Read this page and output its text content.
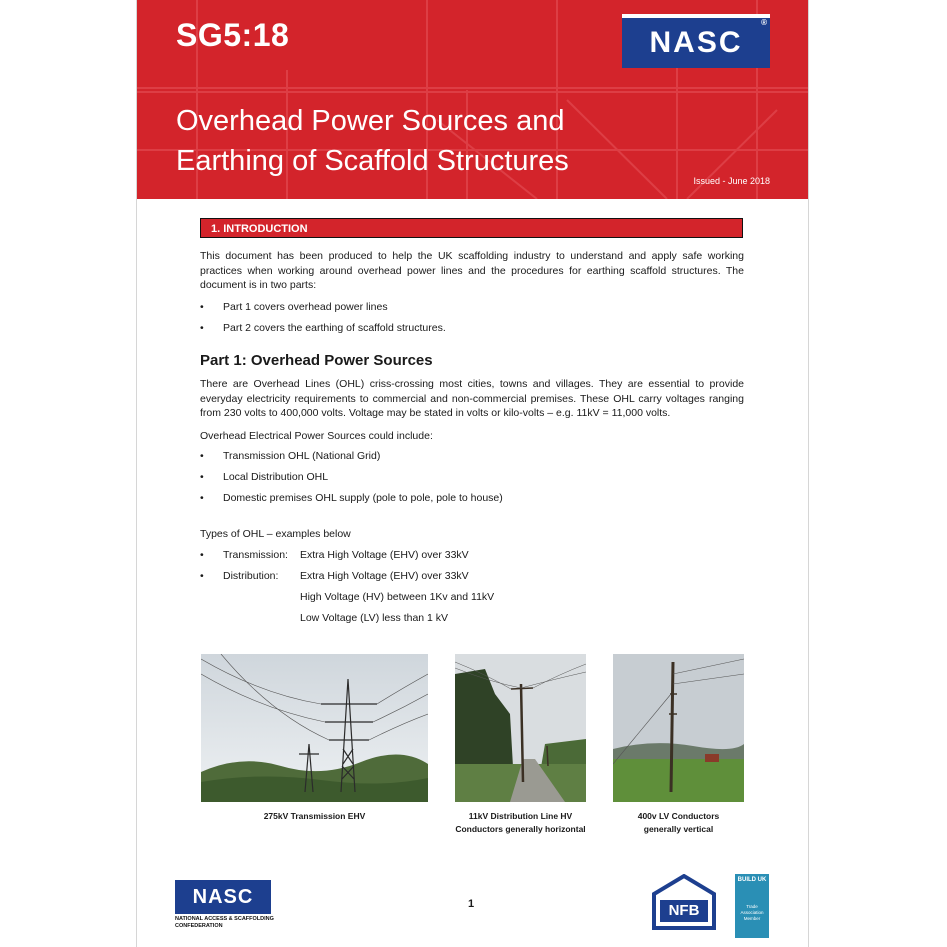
SG5:18
Overhead Power Sources and
Earthing of Scaffold Structures
Issued - June 2018
NASC
®
1. INTRODUCTION
This document has been produced to help the UK scaffolding industry to understand and apply safe working practices when working around overhead power lines and the procedures for earthing scaffold structures. The document is in two parts:
• Part 1 covers overhead power lines
• Part 2 covers the earthing of scaffold structures.
Part 1: Overhead Power Sources
There are Overhead Lines (OHL) criss-crossing most cities, towns and villages. They are essential to provide everyday electricity requirements to commercial and non-commercial premises. These OHL carry voltages ranging from 230 volts to 400,000 volts. Voltage may be stated in volts or kilo-volts – e.g. 11kV = 11,000 volts.
Overhead Electrical Power Sources could include:
• Transmission OHL (National Grid)
• Local Distribution OHL
• Domestic premises OHL supply (pole to pole, pole to house)
Types of OHL – examples below
• Transmission: Extra High Voltage (EHV) over 33kV
• Distribution: Extra High Voltage (EHV) over 33kV
High Voltage (HV) between 1Kv and 11kV
Low Voltage (LV) less than 1 kV
275kV Transmission EHV	11kV Distribution Line HV
Conductors generally horizontal
400v LV Conductors
generally vertical
NASC
NATIONAL ACCESS & SCAFFOLDING CONFEDERATION
1	NFB
BUILD UK
Trade Association Member
